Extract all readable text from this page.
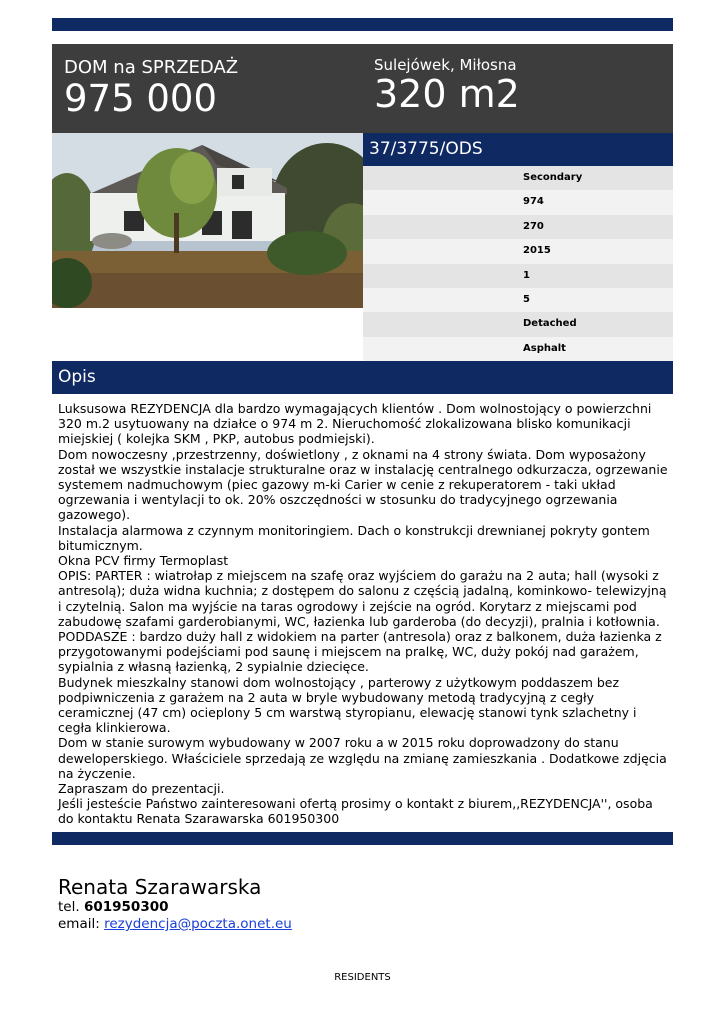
DOM na SPRZEDAŻ
975 000
Sulejówek, Miłosna
320 m2
37/3775/ODS
Secondary
974
270
2015
1
5
Detached
Asphalt
Opis

Luksusowa REZYDENCJA dla bardzo wymagających klientów . Dom wolnostojący o powierzchni 320 m.2 usytuowany na działce o 974 m 2. Nieruchomość zlokalizowana blisko komunikacji miejskiej ( kolejka SKM , PKP, autobus podmiejski).

Dom nowoczesny ,przestrzenny, doświetlony , z oknami na 4 strony świata. Dom wyposażony został we wszystkie instalacje strukturalne oraz w instalację centralnego odkurzacza, ogrzewanie systemem nadmuchowym (piec gazowy m-ki Carier w cenie z rekuperatorem - taki układ ogrzewania i wentylacji to ok. 20% oszczędności w stosunku do tradycyjnego ogrzewania gazowego).

Instalacja alarmowa z czynnym monitoringiem. Dach o konstrukcji drewnianej pokryty gontem bitumicznym.

Okna PCV firmy Termoplast

OPIS: PARTER : wiatrołap z miejscem na szafę oraz wyjściem do garażu na 2 auta; hall (wysoki z antresolą); duża widna kuchnia; z dostępem do salonu z częścią jadalną, kominkowo- telewizyjną i czytelnią. Salon ma wyjście na taras ogrodowy i zejście na ogród. Korytarz z miejscami pod zabudowę szafami garderobianymi, WC, łazienka lub garderoba (do decyzji), pralnia i kotłownia.

PODDASZE : bardzo duży hall z widokiem na parter (antresola) oraz z balkonem, duża łazienka z przygotowanymi podejściami pod saunę i miejscem na pralkę, WC, duży pokój nad garażem, sypialnia z własną łazienką, 2 sypialnie dziecięce.

Budynek mieszkalny stanowi dom wolnostojący , parterowy z użytkowym poddaszem bez podpiwniczenia z garażem na 2 auta w bryle wybudowany metodą tradycyjną z cegły ceramicznej (47 cm) ocieplony 5 cm warstwą styropianu, elewację stanowi tynk szlachetny i cegła klinkierowa.

Dom w stanie surowym wybudowany w 2007 roku a w 2015 roku doprowadzony do stanu deweloperskiego. Właściciele sprzedają ze względu na zmianę zamieszkania . Dodatkowe zdjęcia na życzenie.

Zapraszam do prezentacji.

Jeśli jesteście Państwo zainteresowani ofertą prosimy o kontakt z biurem,,REZYDENCJA'', osoba do kontaktu Renata Szarawarska 601950300

Renata Szarawarska
tel. 601950300
email: rezydencja@poczta.onet.eu
RESIDENTS
